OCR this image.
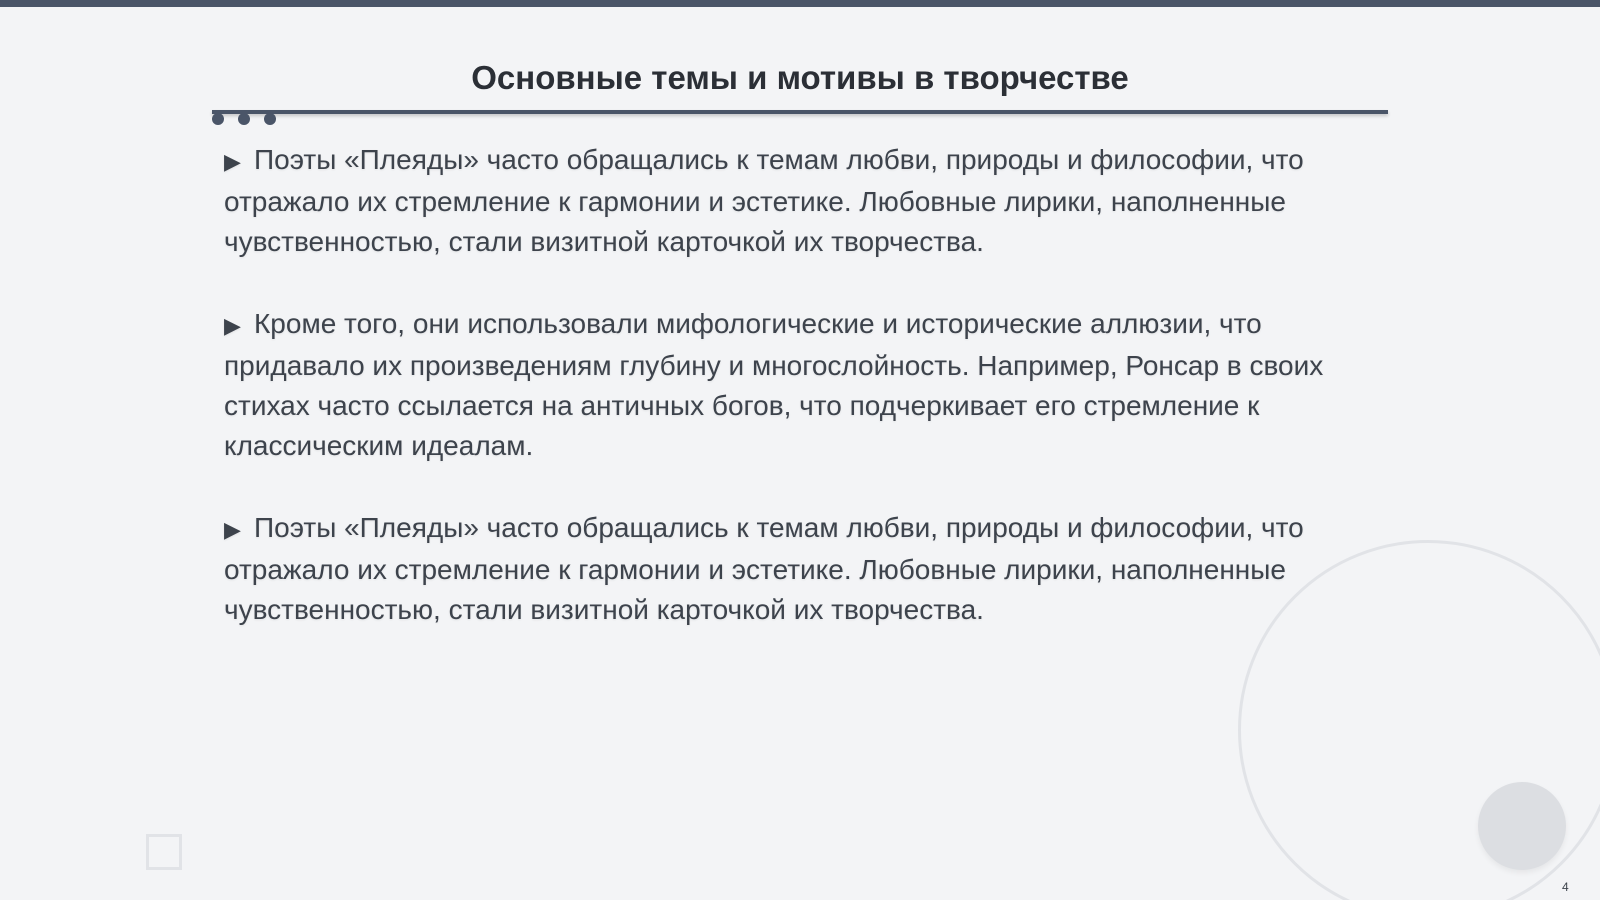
Основные темы и мотивы в творчестве

▶ Поэты «Плеяды» часто обращались к темам любви, природы и философии, что отражало их стремление к гармонии и эстетике. Любовные лирики, наполненные чувственностью, стали визитной карточкой их творчества.

▶ Кроме того, они использовали мифологические и исторические аллюзии, что придавало их произведениям глубину и многослойность. Например, Ронсар в своих стихах часто ссылается на античных богов, что подчеркивает его стремление к классическим идеалам.

▶ Поэты «Плеяды» часто обращались к темам любви, природы и философии, что отражало их стремление к гармонии и эстетике. Любовные лирики, наполненные чувственностью, стали визитной карточкой их творчества.

4
